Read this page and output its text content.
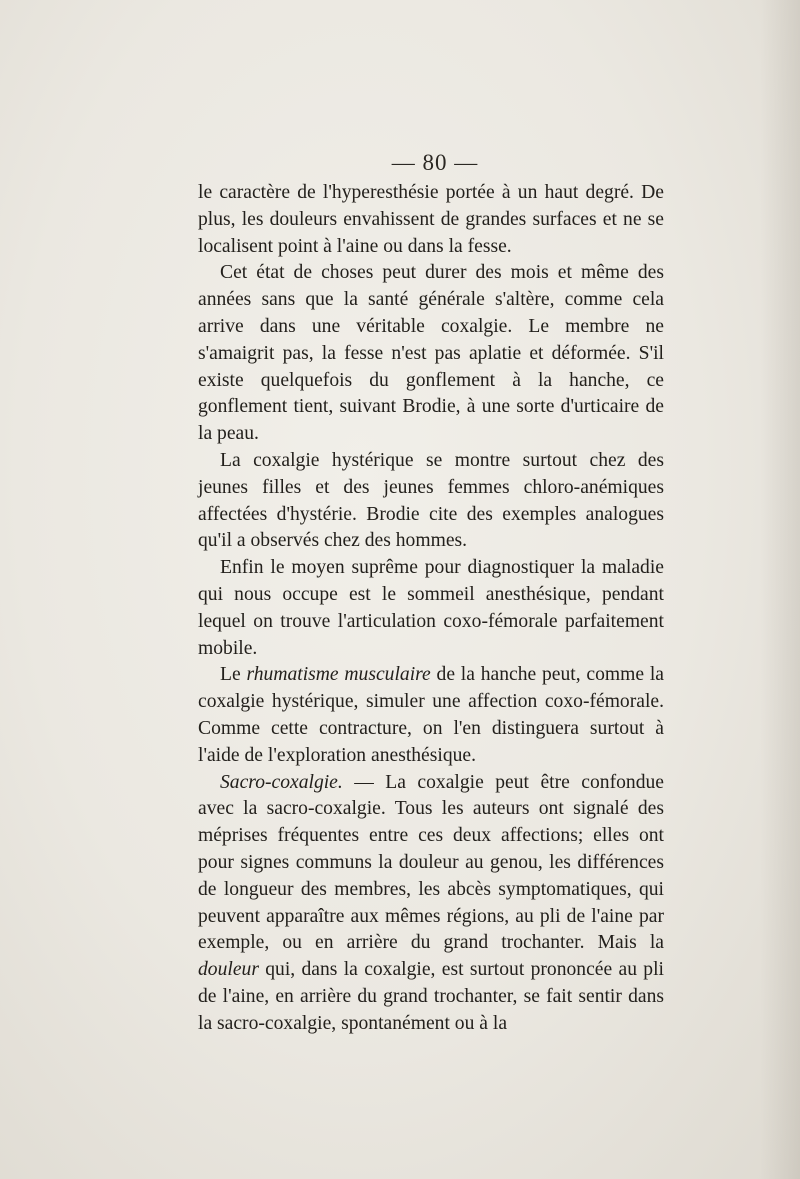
— 80 —

le caractère de l'hyperesthésie portée à un haut degré. De plus, les douleurs envahissent de grandes surfaces et ne se localisent point à l'aine ou dans la fesse.

Cet état de choses peut durer des mois et même des années sans que la santé générale s'altère, comme cela arrive dans une véritable coxalgie. Le membre ne s'amaigrit pas, la fesse n'est pas aplatie et déformée. S'il existe quelquefois du gonflement à la hanche, ce gonflement tient, suivant Brodie, à une sorte d'urticaire de la peau.

La coxalgie hystérique se montre surtout chez des jeunes filles et des jeunes femmes chloro-anémiques affectées d'hystérie. Brodie cite des exemples analogues qu'il a observés chez des hommes.

Enfin le moyen suprême pour diagnostiquer la maladie qui nous occupe est le sommeil anesthésique, pendant lequel on trouve l'articulation coxo-fémorale parfaitement mobile.

Le rhumatisme musculaire de la hanche peut, comme la coxalgie hystérique, simuler une affection coxo-fémorale. Comme cette contracture, on l'en distinguera surtout à l'aide de l'exploration anesthésique.

Sacro-coxalgie. — La coxalgie peut être confondue avec la sacro-coxalgie. Tous les auteurs ont signalé des méprises fréquentes entre ces deux affections; elles ont pour signes communs la douleur au genou, les différences de longueur des membres, les abcès symptomatiques, qui peuvent apparaître aux mêmes régions, au pli de l'aine par exemple, ou en arrière du grand trochanter. Mais la douleur qui, dans la coxalgie, est surtout prononcée au pli de l'aine, en arrière du grand trochanter, se fait sentir dans la sacro-coxalgie, spontanément ou à la
